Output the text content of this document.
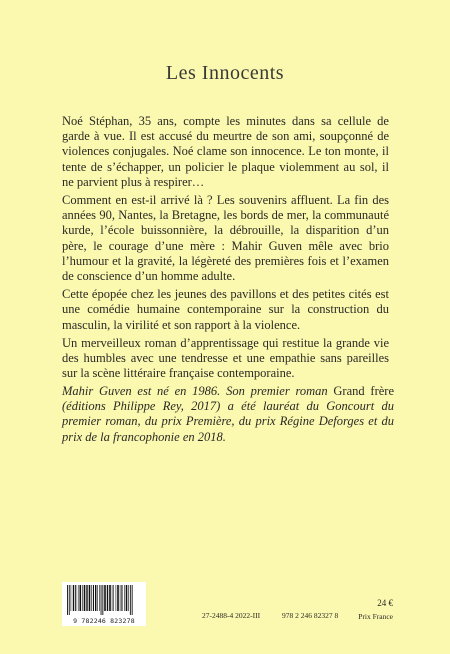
Les Innocents

Noé Stéphan, 35 ans, compte les minutes dans sa cellule de garde à vue. Il est accusé du meurtre de son ami, soupçonné de violences conjugales. Noé clame son innocence. Le ton monte, il tente de s’échapper, un policier le plaque violemment au sol, il ne parvient plus à respirer…

Comment en est-il arrivé là ? Les souvenirs affluent. La fin des années 90, Nantes, la Bretagne, les bords de mer, la communauté kurde, l’école buissonnière, la débrouille, la disparition d’un père, le courage d’une mère : Mahir Guven mêle avec brio l’humour et la gravité, la légèreté des premières fois et l’examen de conscience d’un homme adulte.

Cette épopée chez les jeunes des pavillons et des petites cités est une comédie humaine contemporaine sur la construction du masculin, la virilité et son rapport à la violence.

Un merveilleux roman d’apprentissage qui restitue la grande vie des humbles avec une tendresse et une empathie sans pareilles sur la scène littéraire française contemporaine.

Mahir Guven est né en 1986. Son premier roman Grand frère (éditions Philippe Rey, 2017) a été lauréat du Goncourt du premier roman, du prix Première, du prix Régine Deforges et du prix de la francophonie en 2018.
9 782246 823278
27-2488-4 2022-III	978 2 246 82327 8
24 €
Prix France
